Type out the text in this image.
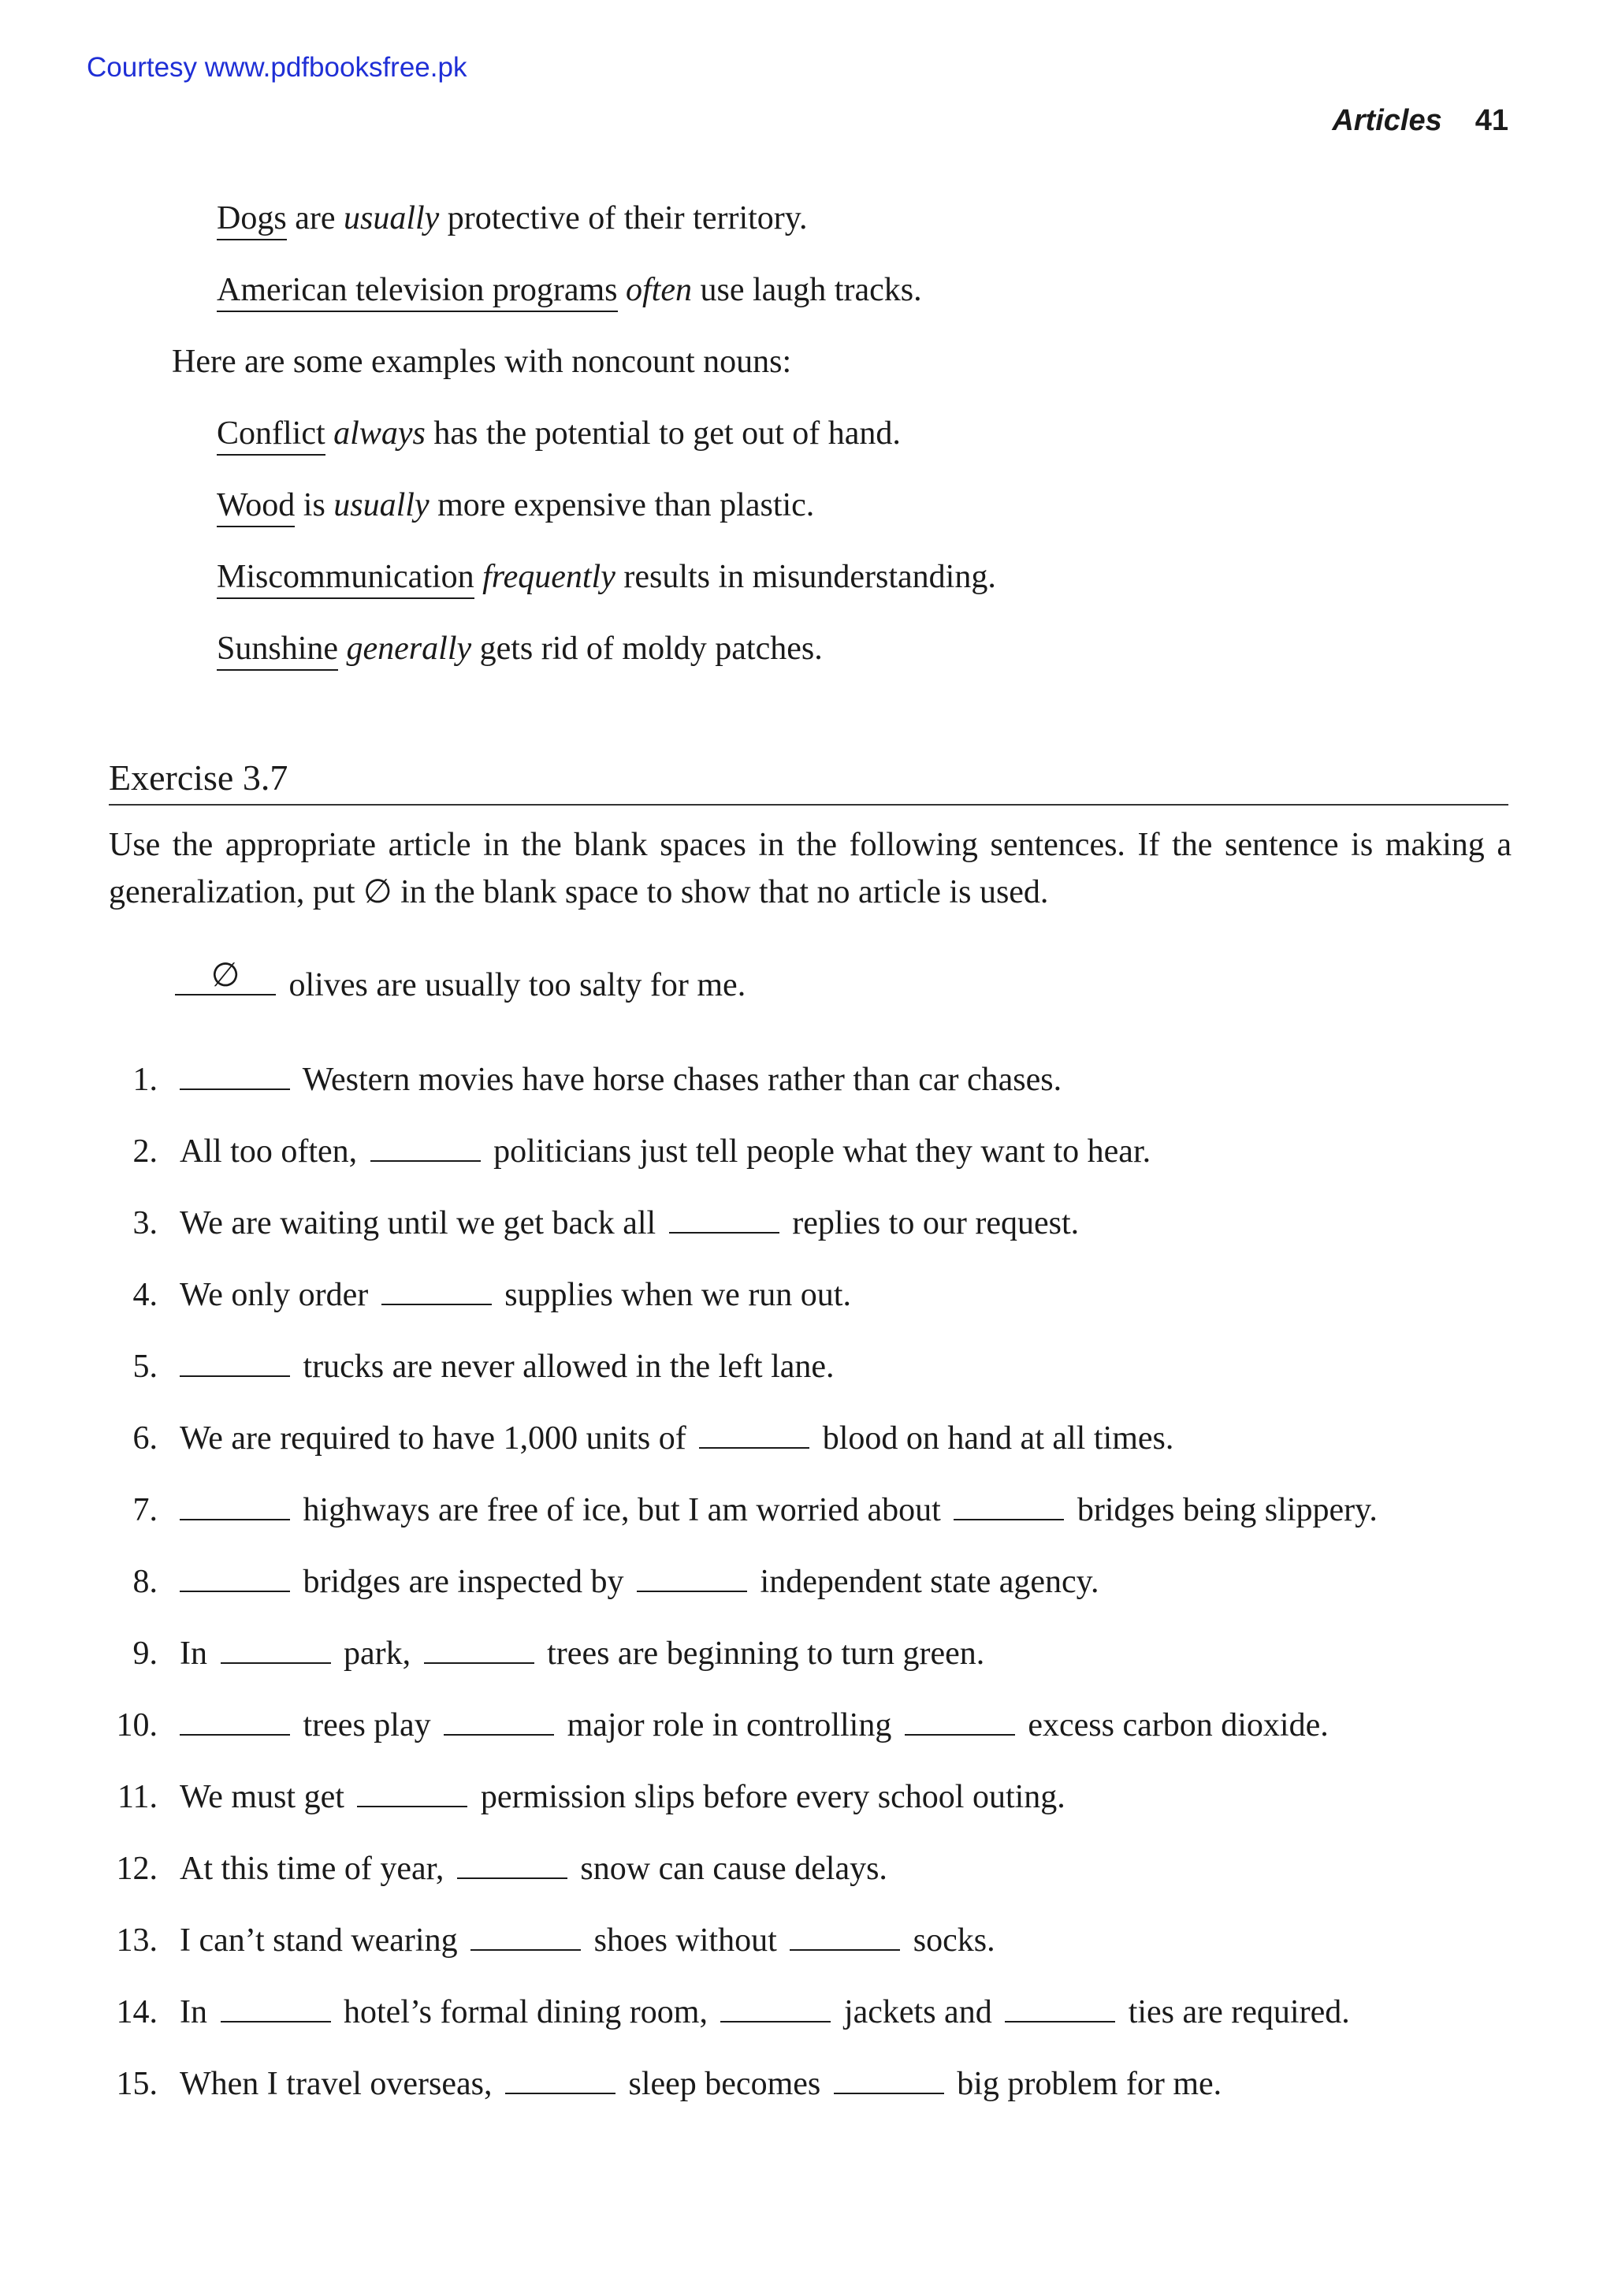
Courtesy www.pdfbooksfree.pk
Articles 41
Dogs are usually protective of their territory.
American television programs often use laugh tracks.
Here are some examples with noncount nouns:
Conflict always has the potential to get out of hand.
Wood is usually more expensive than plastic.
Miscommunication frequently results in misunderstanding.
Sunshine generally gets rid of moldy patches.
Exercise 3.7
Use the appropriate article in the blank spaces in the following sentences. If the sentence is making a generalization, put ∅ in the blank space to show that no article is used.
∅	olives are usually too salty for me.
1.	Western movies have horse chases rather than car chases.
2. All too often,	politicians just tell people what they want to hear.
3. We are waiting until we get back all	replies to our request.
4. We only order	supplies when we run out.
5.	trucks are never allowed in the left lane.
6. We are required to have 1,000 units of	blood on hand at all times.
7.	highways are free of ice, but I am worried about	bridges being slippery.
8.	bridges are inspected by	independent state agency.
9. In	park,	trees are beginning to turn green.
10.	trees play	major role in controlling	excess carbon dioxide.
11. We must get	permission slips before every school outing.
12. At this time of year,	snow can cause delays.
13. I can’t stand wearing	shoes without	socks.
14. In	hotel’s formal dining room,	jackets and	ties are required.
15. When I travel overseas,	sleep becomes	big problem for me.
